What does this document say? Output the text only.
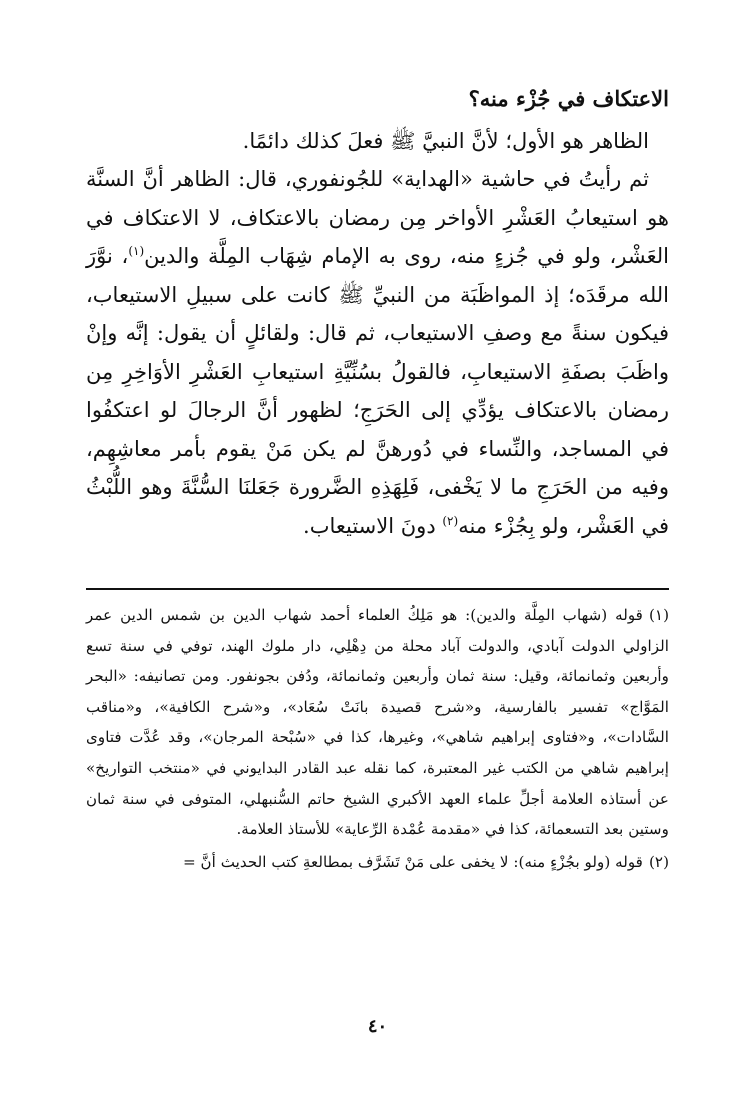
الاعتكاف في جُزْء منه؟

الظاهر هو الأول؛ لأنَّ النبيَّ ﷺ فعلَ كذلك دائمًا.

ثم رأيتُ في حاشية «الهداية» للجُونفوري، قال: الظاهر أنَّ السنَّة هو استيعابُ العَشْرِ الأواخر مِن رمضان بالاعتكاف، لا الاعتكاف في العَشْر، ولو في جُزءٍ منه، روى به الإمام شِهَاب المِلَّة والدين$^{(١)}$، نوَّرَ الله مرقَدَه؛ إذ المواظَبَة من النبيِّ ﷺ كانت على سبيلِ الاستيعاب، فيكون سنةً مع وصفِ الاستيعاب، ثم قال: ولقائلٍ أن يقول: إنَّه وإنْ واظَبَ بصفَةِ الاستيعابِ، فالقولُ بسُنِّيَّةِ استيعابِ العَشْرِ الأوَاخِرِ مِن رمضان بالاعتكاف يؤدِّي إلى الحَرَجِ؛ لظهور أنَّ الرجالَ لو اعتكفُوا في المساجد، والنِّساء في دُورهنَّ لم يكن مَنْ يقوم بأمر معاشِهِم، وفيه من الحَرَجِ ما لا يَخْفى، فَلِهَذِهِ الضَّرورة جَعَلنَا السُّنَّةَ وهو اللُّبْثُ في العَشْر، ولو بِجُزْء منه$^{(٢)}$ دونَ الاستيعاب.

(١)قوله (شهاب المِلَّة والدين): هو مَلِكُ العلماء أحمد شهاب الدين بن شمس الدين عمر الزاولي الدولت آبادي، والدولت آباد محلة من دِهْلِي، دار ملوك الهند، توفي في سنة تسع وأربعين وثمانمائة، وقيل: سنة ثمان وأربعين وثمانمائة، ودُفن بجونفور. ومن تصانيفه: «البحر المَوَّاج» تفسير بالفارسية، و«شرح قصيدة بانَتْ سُعَاد»، و«شرح الكافية»، و«مناقب السَّادات»، و«فتاوى إبراهيم شاهي»، وغيرها، كذا في «سُبْحة المرجان»، وقد عُدَّت فتاوى إبراهيم شاهي من الكتب غير المعتبرة، كما نقله عبد القادر البدايوني في «منتخب التواريخ» عن أستاذه العلامة أجلِّ علماء العهد الأكبري الشيخ حاتم السُّنبهلي، المتوفى في سنة ثمان وستين بعد التسعمائة، كذا في «مقدمة عُمْدة الرِّعاية» للأستاذ العلامة.

(٢)قوله (ولو بجُزْءٍ منه): لا يخفى على مَنْ تَشَرَّف بمطالعةِ كتب الحديث أنَّ =

٤٠
